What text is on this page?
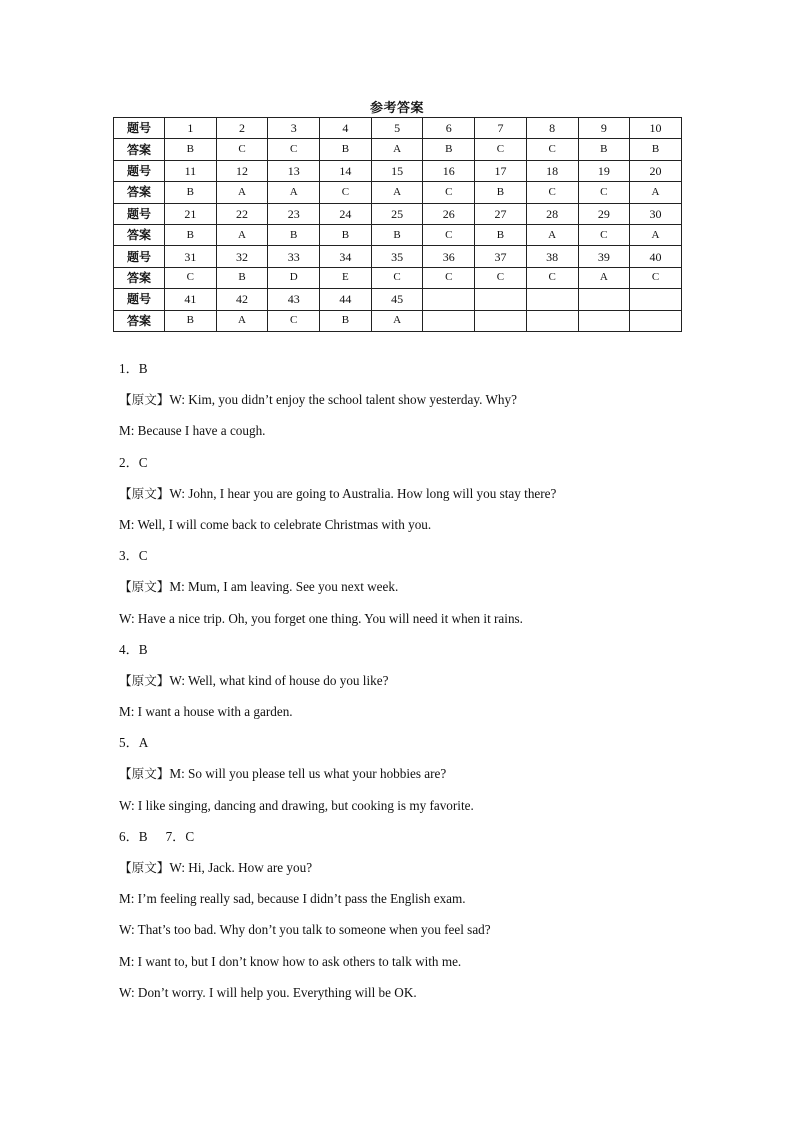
参考答案
题号	1	2	3	4	5	6	7	8	9	10
答案	B	C	C	B	A	B	C	C	B	B
题号	11	12	13	14	15	16	17	18	19	20
答案	B	A	A	C	A	C	B	C	C	A
题号	21	22	23	24	25	26	27	28	29	30
答案	B	A	B	B	B	C	B	A	C	A
题号	31	32	33	34	35	36	37	38	39	40
答案	C	B	D	E	C	C	C	C	A	C
题号	41	42	43	44	45					
答案	B	A	C	B	A					
1．B
【原文】W: Kim, you didn’t enjoy the school talent show yesterday. Why?
M: Because I have a cough.
2．C
【原文】W: John, I hear you are going to Australia. How long will you stay there?
M: Well, I will come back to celebrate Christmas with you.
3．C
【原文】M: Mum, I am leaving. See you next week.
W: Have a nice trip. Oh, you forget one thing. You will need it when it rains.
4．B
【原文】W: Well, what kind of house do you like?
M: I want a house with a garden.
5．A
【原文】M: So will you please tell us what your hobbies are?
W: I like singing, dancing and drawing, but cooking is my favorite.
6．B 7．C
【原文】W: Hi, Jack. How are you?
M: I’m feeling really sad, because I didn’t pass the English exam.
W: That’s too bad. Why don’t you talk to someone when you feel sad?
M: I want to, but I don’t know how to ask others to talk with me.
W: Don’t worry. I will help you. Everything will be OK.
